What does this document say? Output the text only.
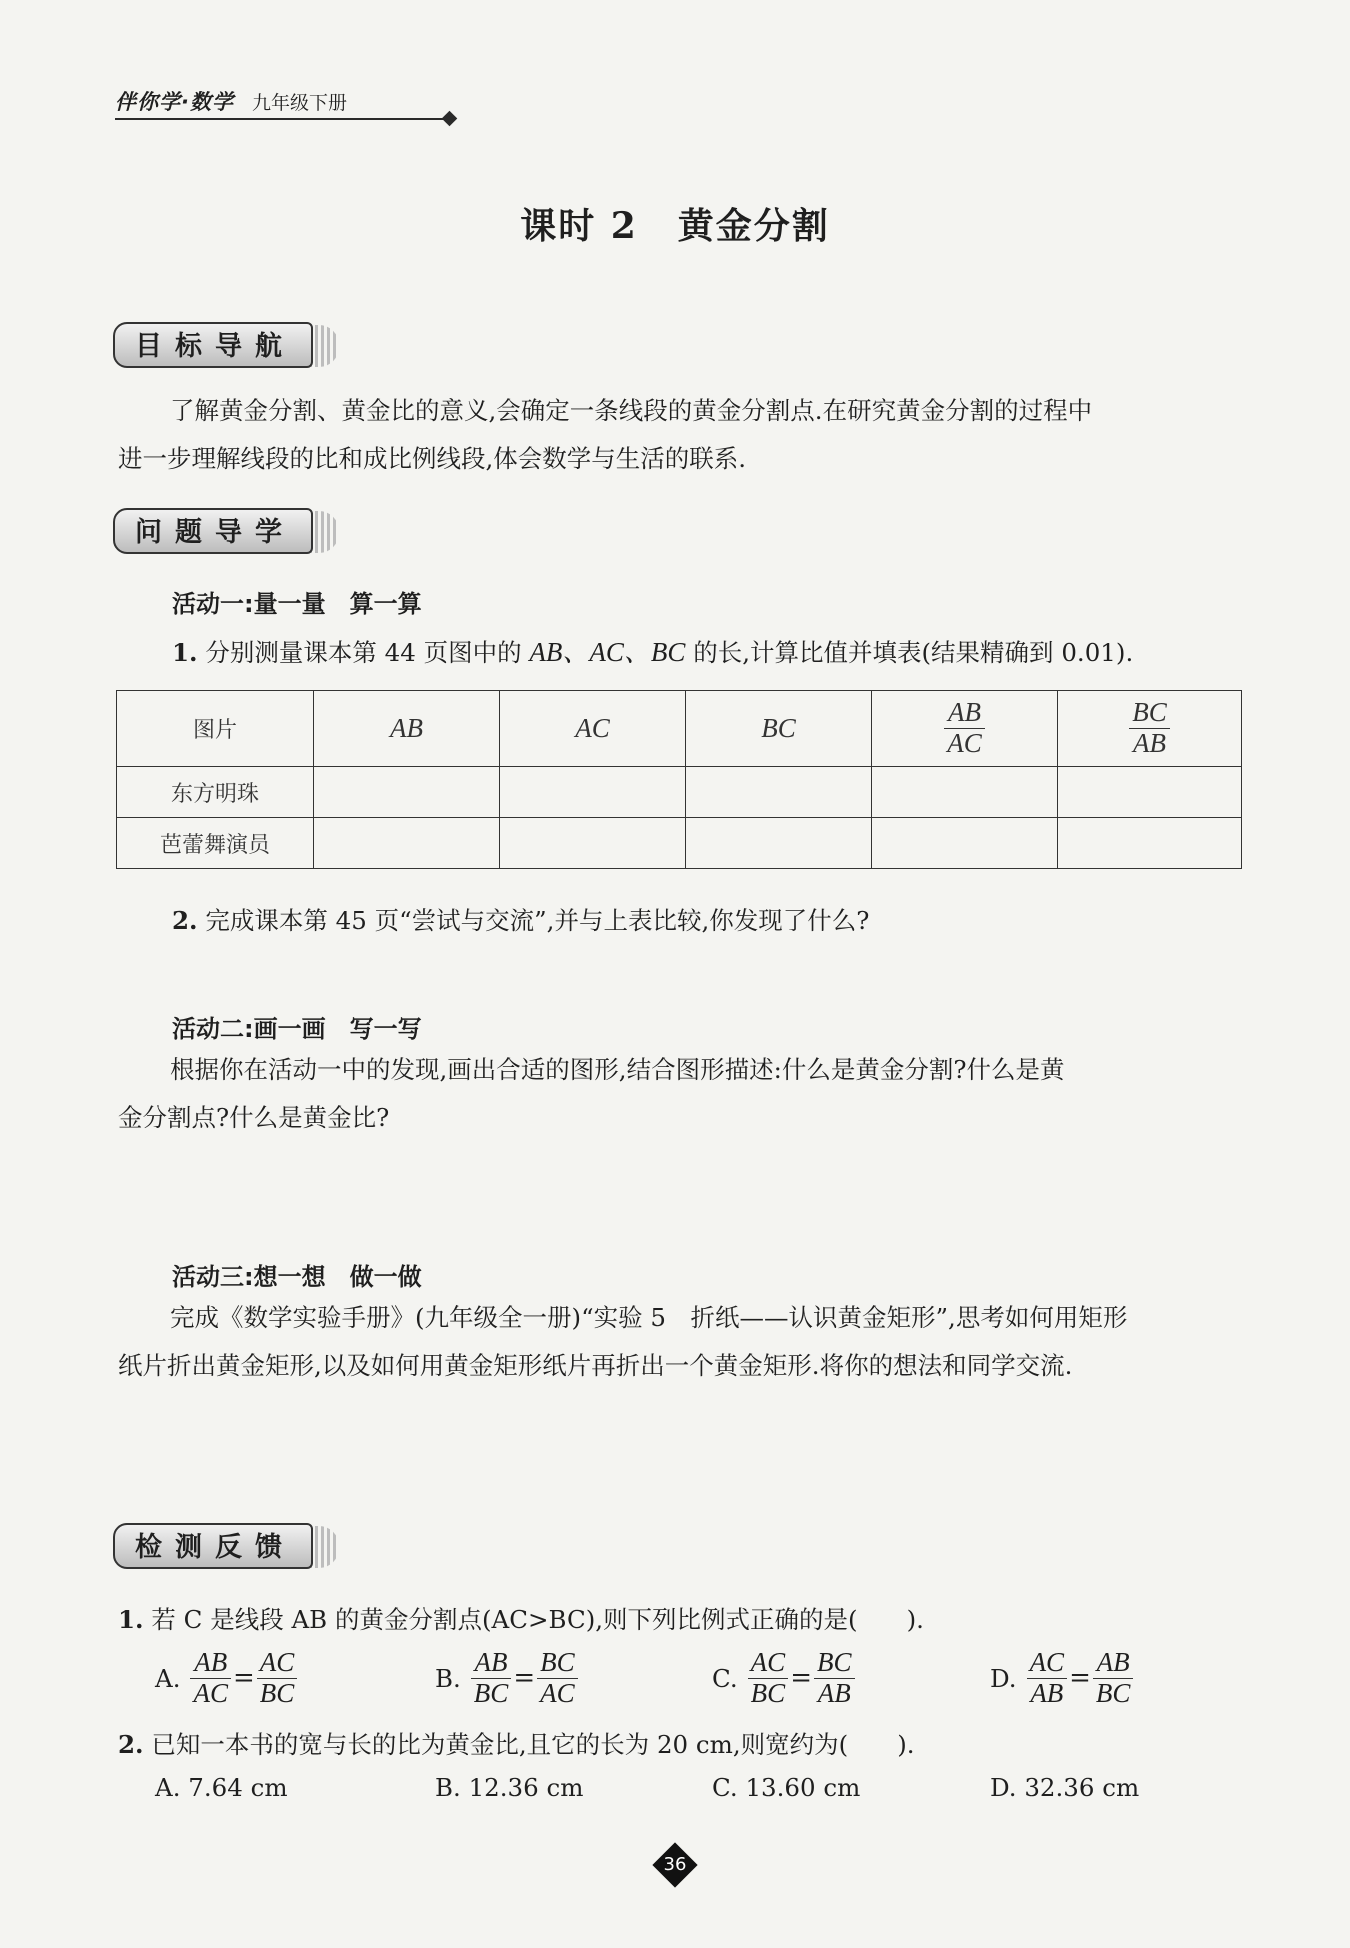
伴你学·数学 九年级下册
课时 2 黄金分割
目标导航
了解黄金分割、黄金比的意义,会确定一条线段的黄金分割点.在研究黄金分割的过程中
进一步理解线段的比和成比例线段,体会数学与生活的联系.
问题导学
活动一:量一量　算一算
1. 分别测量课本第 44 页图中的 AB、AC、BC 的长,计算比值并填表(结果精确到 0.01).
图片	AB	AC	BC	$\frac{AB}{AC}$	$\frac{BC}{AB}$

东方明珠					
芭蕾舞演员					
2. 完成课本第 45 页“尝试与交流”,并与上表比较,你发现了什么?
活动二:画一画　写一写
根据你在活动一中的发现,画出合适的图形,结合图形描述:什么是黄金分割?什么是黄
金分割点?什么是黄金比?
活动三:想一想　做一做
完成《数学实验手册》(九年级全一册)“实验 5　折纸——认识黄金矩形”,思考如何用矩形
纸片折出黄金矩形,以及如何用黄金矩形纸片再折出一个黄金矩形.将你的想法和同学交流.
检测反馈
1. 若 C 是线段 AB 的黄金分割点(AC>BC),则下列比例式正确的是(　　).
A. $\frac{AB}{AC} = \frac{AC}{BC}$	B. $\frac{AB}{BC} = \frac{BC}{AC}$	C. $\frac{AC}{BC} = \frac{BC}{AB}$	D. $\frac{AC}{AB} = \frac{AB}{BC}$
2. 已知一本书的宽与长的比为黄金比,且它的长为 20 cm,则宽约为(　　).
A. 7.64 cm	B. 12.36 cm	C. 13.60 cm	D. 32.36 cm
36
